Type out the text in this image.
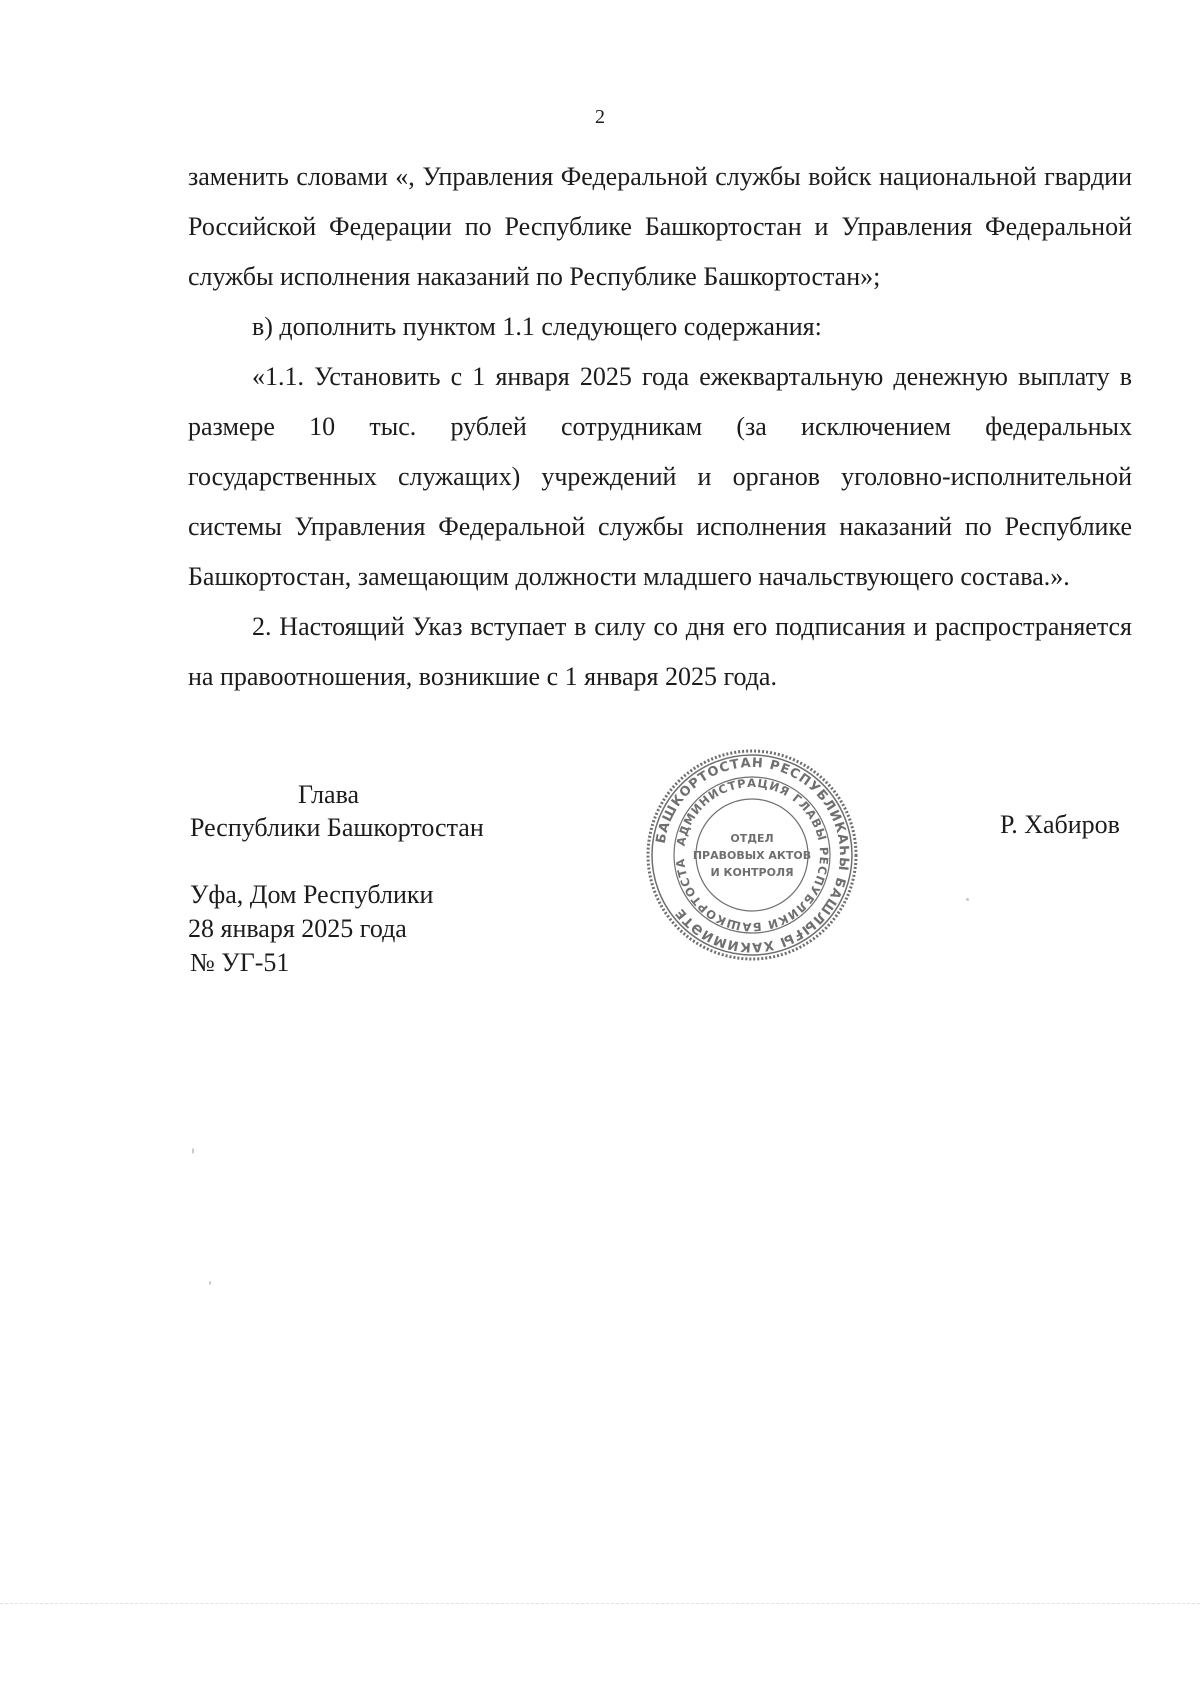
2

заменить словами «, Управления Федеральной службы войск национальной гвардии Российской Федерации по Республике Башкортостан и Управления Федеральной службы исполнения наказаний по Республике Башкортостан»;

в) дополнить пунктом 1.1 следующего содержания:

«1.1. Установить с 1 января 2025 года ежеквартальную денежную выплату в размере 10 тыс. рублей сотрудникам (за исключением федеральных государственных служащих) учреждений и органов уголовно-исполнительной системы Управления Федеральной службы исполнения наказаний по Республике Башкортостан, замещающим должности младшего начальствующего состава.».

2. Настоящий Указ вступает в силу со дня его подписания и распространяется на правоотношения, возникшие с 1 января 2025 года.

Глава
Республики Башкортостан	БАШКОРТОСТАН РЕСПУБЛИКАҺЫ БАШЛЫҒЫ ХАКИМИӘТЕ
АДМИНИСТРАЦИЯ ГЛАВЫ РЕСПУБЛИКИ БАШКОРТОСТА
ОТДЕЛ
ПРАВОВЫХ АКТОВ
И КОНТРОЛЯ
Р. Хабиров
Уфа, Дом Республики
28 января 2025 года
№ УГ-51
